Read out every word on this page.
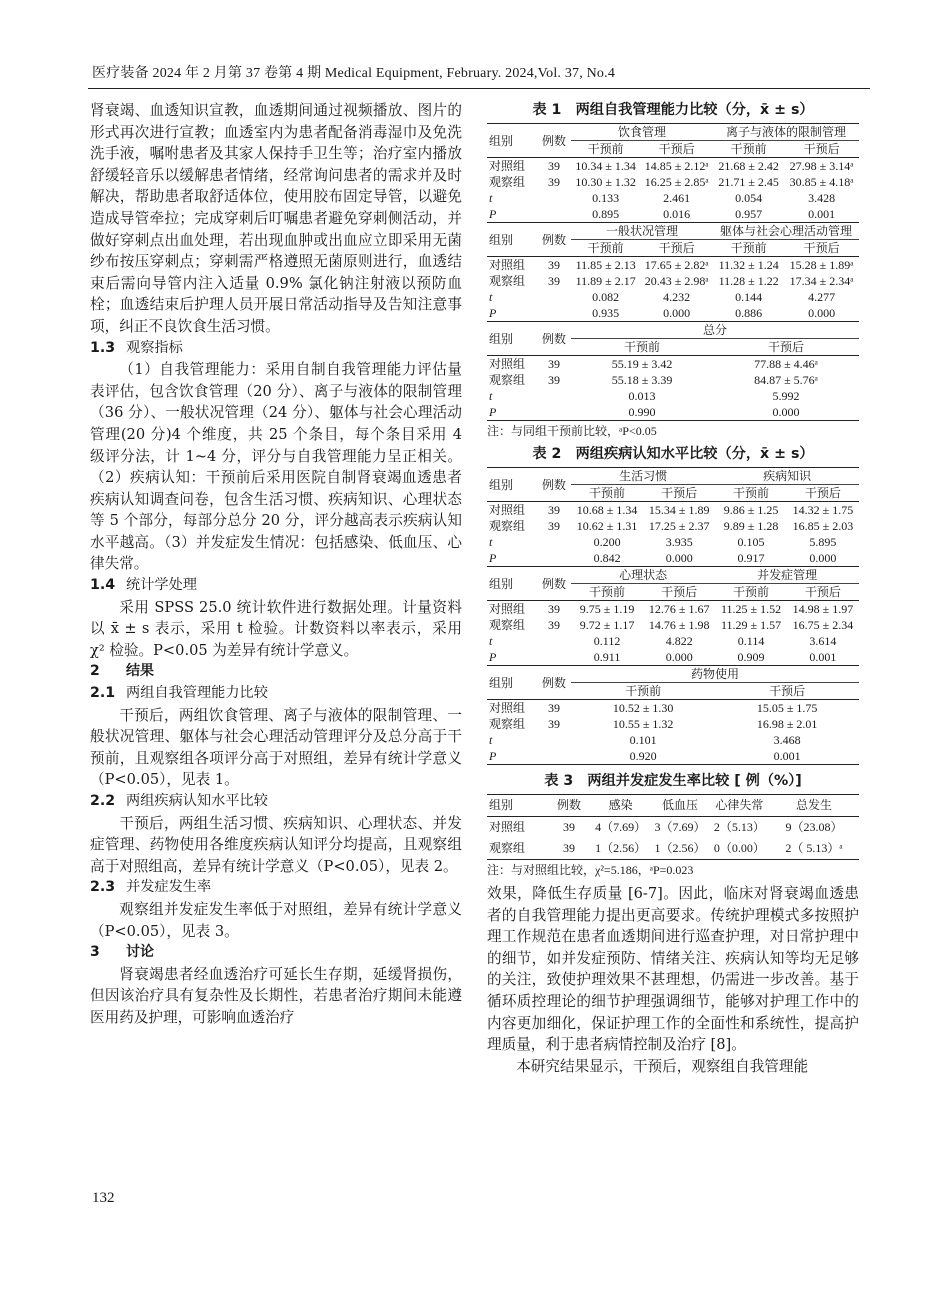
医疗装备 2024 年 2 月第 37 卷第 4 期 Medical Equipment, February. 2024,Vol. 37, No.4

肾衰竭、血透知识宣教，血透期间通过视频播放、图片的形式再次进行宣教；血透室内为患者配备消毒湿巾及免洗洗手液，嘱咐患者及其家人保持手卫生等；治疗室内播放舒缓轻音乐以缓解患者情绪，经常询问患者的需求并及时解决，帮助患者取舒适体位，使用胶布固定导管，以避免造成导管牵拉；完成穿刺后叮嘱患者避免穿刺侧活动，并做好穿刺点出血处理，若出现血肿或出血应立即采用无菌纱布按压穿刺点；穿刺需严格遵照无菌原则进行，血透结束后需向导管内注入适量 0.9% 氯化钠注射液以预防血栓；血透结束后护理人员开展日常活动指导及告知注意事项，纠正不良饮食生活习惯。

1.3 观察指标

（1）自我管理能力：采用自制自我管理能力评估量表评估，包含饮食管理（20 分）、离子与液体的限制管理（36 分）、一般状况管理（24 分）、躯体与社会心理活动管理(20 分)4 个维度，共 25 个条目，每个条目采用 4 级评分法，计 1~4 分，评分与自我管理能力呈正相关。（2）疾病认知：干预前后采用医院自制肾衰竭血透患者疾病认知调查问卷，包含生活习惯、疾病知识、心理状态等 5 个部分，每部分总分 20 分，评分越高表示疾病认知水平越高。（3）并发症发生情况：包括感染、低血压、心律失常。

1.4 统计学处理

采用 SPSS 25.0 统计软件进行数据处理。计量资料以 x̄ ± s 表示，采用 t 检验。计数资料以率表示，采用 χ² 检验。P<0.05 为差异有统计学意义。

2 结果

2.1 两组自我管理能力比较

干预后，两组饮食管理、离子与液体的限制管理、一般状况管理、躯体与社会心理活动管理评分及总分高于干预前，且观察组各项评分高于对照组，差异有统计学意义（P<0.05），见表 1。

2.2 两组疾病认知水平比较

干预后，两组生活习惯、疾病知识、心理状态、并发症管理、药物使用各维度疾病认知评分均提高，且观察组高于对照组高，差异有统计学意义（P<0.05），见表 2。

2.3 并发症发生率

观察组并发症发生率低于对照组，差异有统计学意义（P<0.05），见表 3。

3 讨论

肾衰竭患者经血透治疗可延长生存期，延缓肾损伤，但因该治疗具有复杂性及长期性，若患者治疗期间未能遵医用药及护理，可影响血透治疗

表 1　两组自我管理能力比较（分，x̄ ± s）

组别	例数	饮食管理		离子与液体的限制管理	
		干预前	干预后	干预前	干预后
对照组	39	10.34 ± 1.34	14.85 ± 2.12ᵃ	21.68 ± 2.42	27.98 ± 3.14ᵃ
观察组	39	10.30 ± 1.32	16.25 ± 2.85ᵃ	21.71 ± 2.45	30.85 ± 4.18ᵃ
t		0.133	2.461	0.054	3.428
P		0.895	0.016	0.957	0.001
组别	例数	一般状况管理		躯体与社会心理活动管理	
		干预前	干预后	干预前	干预后
对照组	39	11.85 ± 2.13	17.65 ± 2.82ᵃ	11.32 ± 1.24	15.28 ± 1.89ᵃ
观察组	39	11.89 ± 2.17	20.43 ± 2.98ᵃ	11.28 ± 1.22	17.34 ± 2.34ᵃ
t		0.082	4.232	0.144	4.277
P		0.935	0.000	0.886	0.000
组别	例数	总分			
		干预前		干预后	
对照组	39	55.19 ± 3.42		77.88 ± 4.46ᵃ	
观察组	39	55.18 ± 3.39		84.87 ± 5.76ᵃ	
t		0.013		5.992	
P		0.990		0.000	

注：与同组干预前比较，ᵃP<0.05

表 2　两组疾病认知水平比较（分，x̄ ± s）

组别	例数	生活习惯		疾病知识	
		干预前	干预后	干预前	干预后
对照组	39	10.68 ± 1.34	15.34 ± 1.89	9.86 ± 1.25	14.32 ± 1.75
观察组	39	10.62 ± 1.31	17.25 ± 2.37	9.89 ± 1.28	16.85 ± 2.03
t		0.200	3.935	0.105	5.895
P		0.842	0.000	0.917	0.000
组别	例数	心理状态		并发症管理	
		干预前	干预后	干预前	干预后
对照组	39	9.75 ± 1.19	12.76 ± 1.67	11.25 ± 1.52	14.98 ± 1.97
观察组	39	9.72 ± 1.17	14.76 ± 1.98	11.29 ± 1.57	16.75 ± 2.34
t		0.112	4.822	0.114	3.614
P		0.911	0.000	0.909	0.001
组别	例数	药物使用			
		干预前		干预后	
对照组	39	10.52 ± 1.30		15.05 ± 1.75	
观察组	39	10.55 ± 1.32		16.98 ± 2.01	
t		0.101		3.468	
P		0.920		0.001	

表 3　两组并发症发生率比较 [ 例（%）]

组别	例数	感染	低血压	心律失常	总发生
对照组	39	4（7.69）	3（7.69）	2（5.13）	9（23.08）
观察组	39	1（2.56）	1（2.56）	0（0.00）	2（ 5.13）ᵃ

注：与对照组比较，χ²=5.186，ᵃP=0.023

效果，降低生存质量 [6-7]。因此，临床对肾衰竭血透患者的自我管理能力提出更高要求。传统护理模式多按照护理工作规范在患者血透期间进行巡查护理，对日常护理中的细节，如并发症预防、情绪关注、疾病认知等均无足够的关注，致使护理效果不甚理想，仍需进一步改善。基于循环质控理论的细节护理强调细节，能够对护理工作中的内容更加细化，保证护理工作的全面性和系统性，提高护理质量，利于患者病情控制及治疗 [8]。

本研究结果显示，干预后，观察组自我管理能

132
